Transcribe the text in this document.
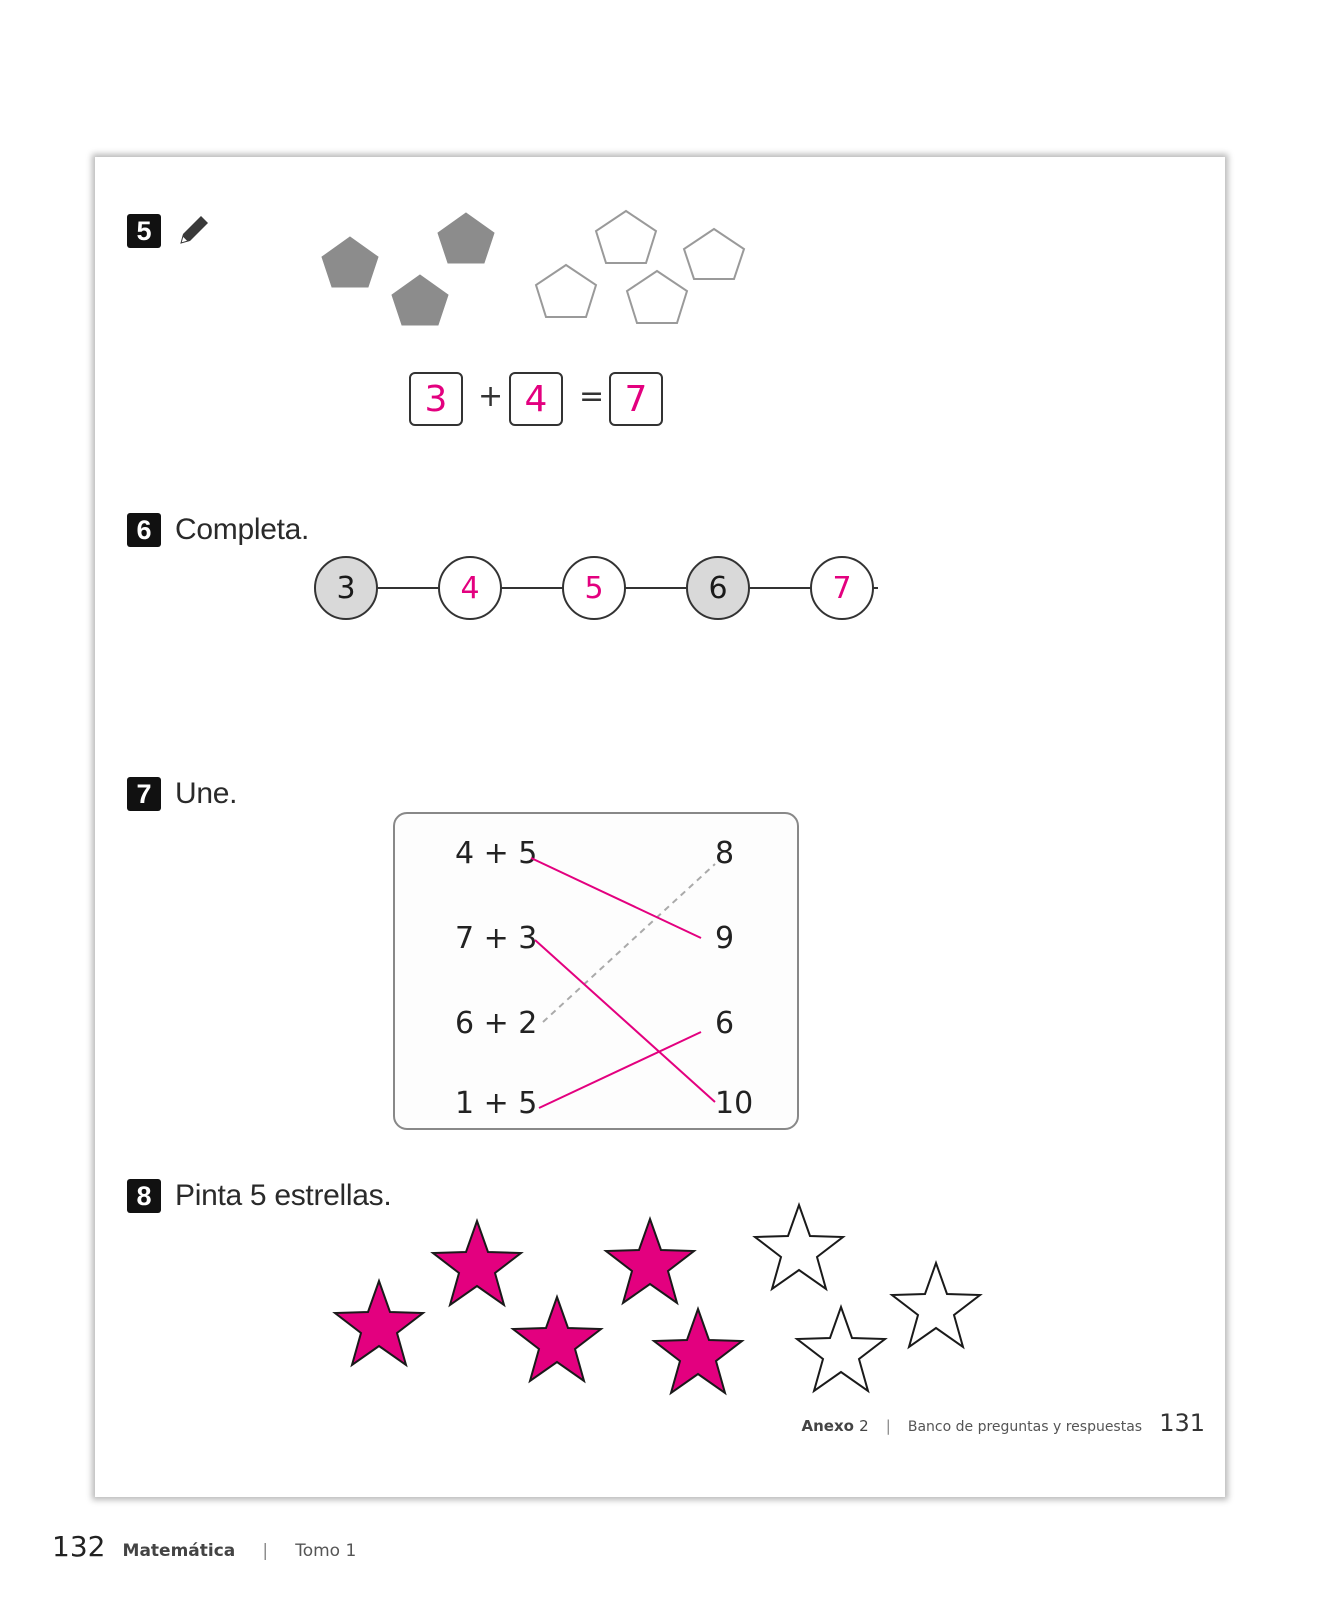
5
3	+ 4	= 7
6 Completa.
3	4	5	6	7
7 Une.
4 + 5
7 + 3
6 + 2
1 + 5
8
9
6
10
8 Pinta 5 estrellas.
Anexo 2 | Banco de preguntas y respuestas 131
132 Matemática | Tomo 1
